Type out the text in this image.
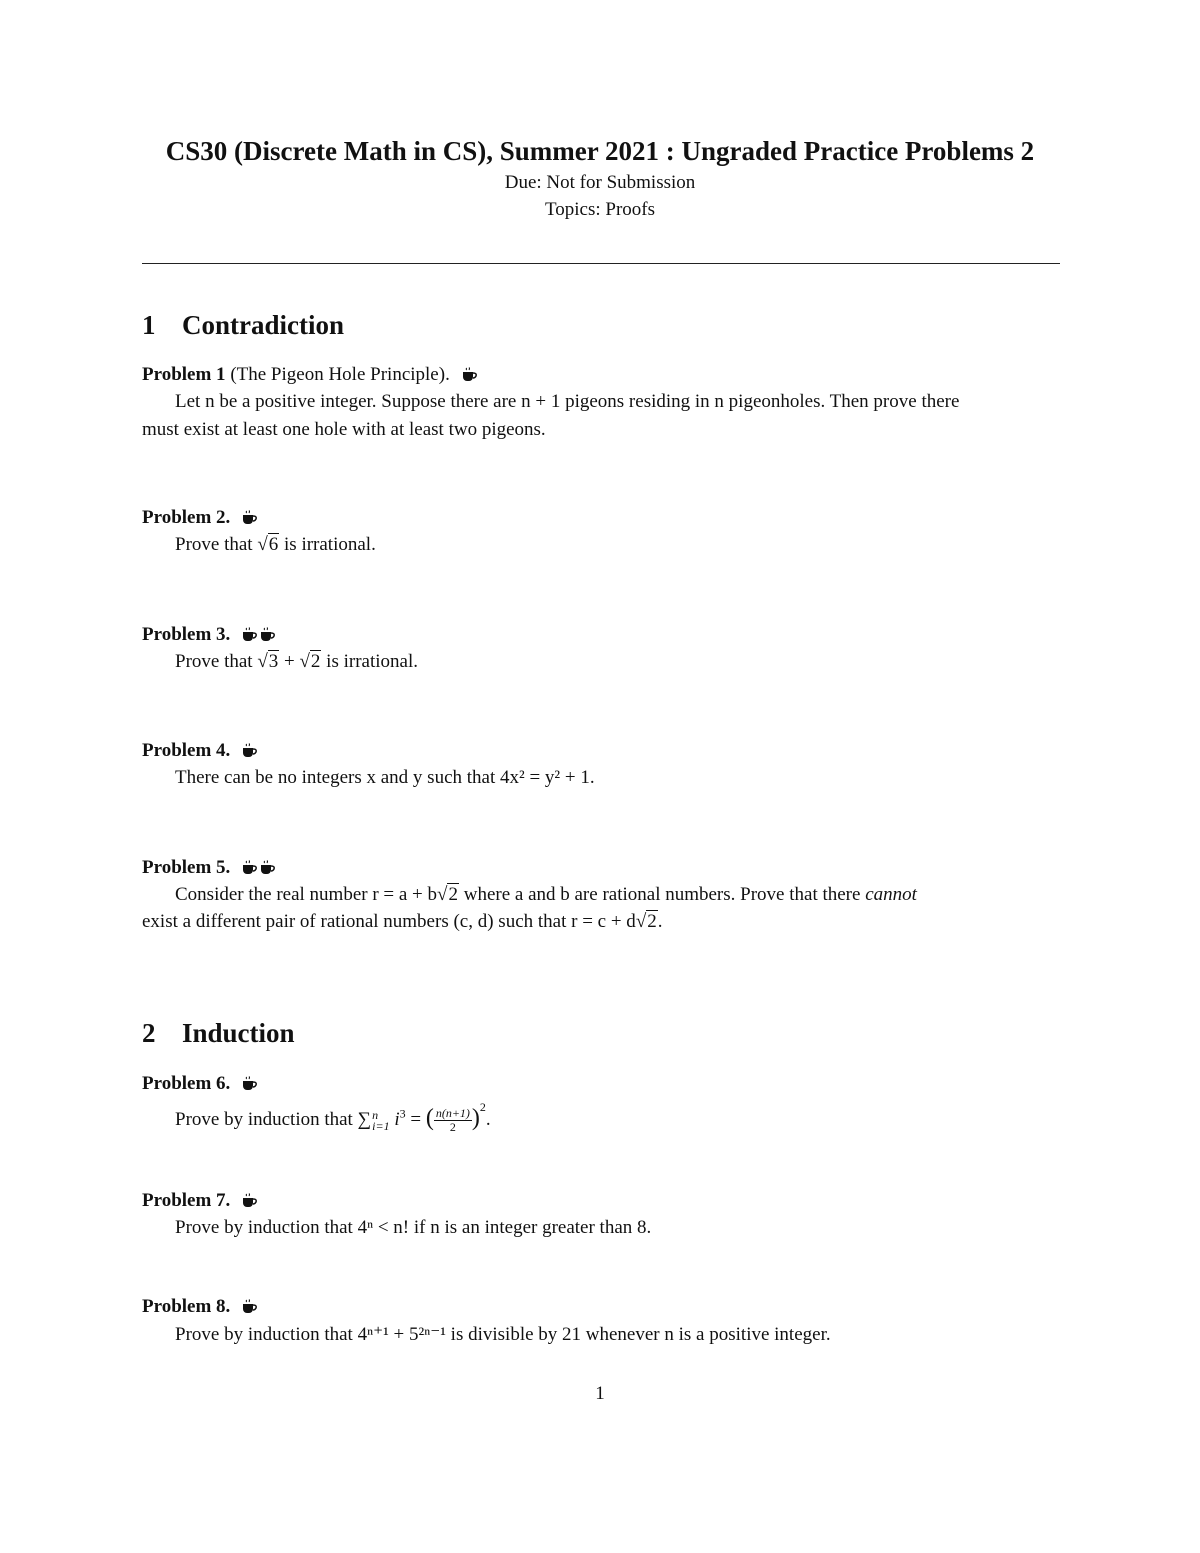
CS30 (Discrete Math in CS), Summer 2021 : Ungraded Practice Problems 2
Due: Not for Submission
Topics: Proofs
1 Contradiction
Problem 1 (The Pigeon Hole Principle).
Let n be a positive integer. Suppose there are n + 1 pigeons residing in n pigeonholes. Then prove there
must exist at least one hole with at least two pigeons.
Problem 2.
Prove that √6 is irrational.
Problem 3.
Prove that √3 + √2 is irrational.
Problem 4.
There can be no integers x and y such that 4x² = y² + 1.
Problem 5.
Consider the real number r = a + b√2 where a and b are rational numbers. Prove that there cannot
exist a different pair of rational numbers (c, d) such that r = c + d√2.
2 Induction
Problem 6.
Prove by induction that ∑ n
i=1 $i^3$ = ( $\frac{n(n+1)}{2} )^2$.
Problem 7.
Prove by induction that 4ⁿ < n! if n is an integer greater than 8.
Problem 8.
Prove by induction that 4ⁿ⁺¹ + 5²ⁿ⁻¹ is divisible by 21 whenever n is a positive integer.
1
